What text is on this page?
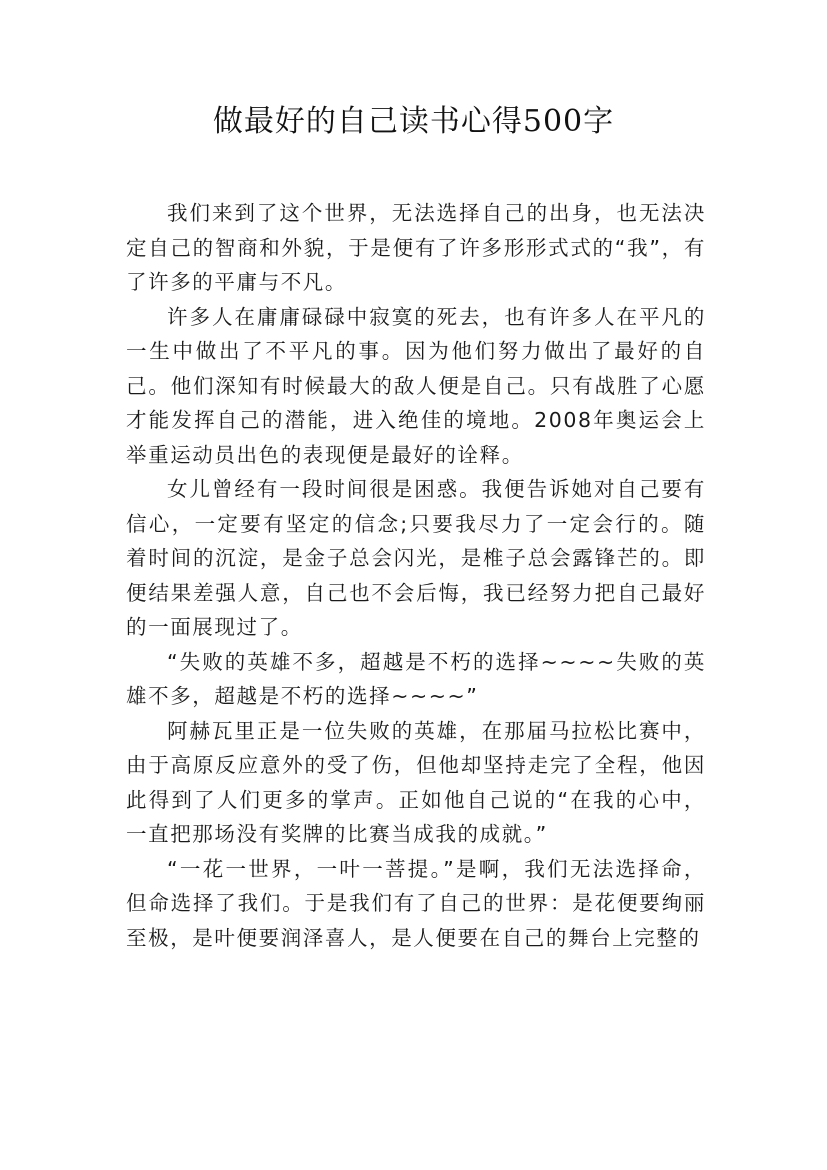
做最好的自己读书心得500字

我们来到了这个世界，无法选择自己的出身，也无法决定自己的智商和外貌，于是便有了许多形形式式的“我”，有了许多的平庸与不凡。

许多人在庸庸碌碌中寂寞的死去，也有许多人在平凡的一生中做出了不平凡的事。因为他们努力做出了最好的自己。他们深知有时候最大的敌人便是自己。只有战胜了心愿才能发挥自己的潜能，进入绝佳的境地。2008年奥运会上举重运动员出色的表现便是最好的诠释。

女儿曾经有一段时间很是困惑。我便告诉她对自己要有信心，一定要有坚定的信念;只要我尽力了一定会行的。随着时间的沉淀，是金子总会闪光，是椎子总会露锋芒的。即便结果差强人意，自己也不会后悔，我已经努力把自己最好的一面展现过了。

“失败的英雄不多，超越是不朽的选择~~~~失败的英雄不多，超越是不朽的选择~~~~”

阿赫瓦里正是一位失败的英雄，在那届马拉松比赛中，由于高原反应意外的受了伤，但他却坚持走完了全程，他因此得到了人们更多的掌声。正如他自己说的“在我的心中，一直把那场没有奖牌的比赛当成我的成就。”

“一花一世界，一叶一菩提。”是啊，我们无法选择命，但命选择了我们。于是我们有了自己的世界：是花便要绚丽至极，是叶便要润泽喜人，是人便要在自己的舞台上完整的
